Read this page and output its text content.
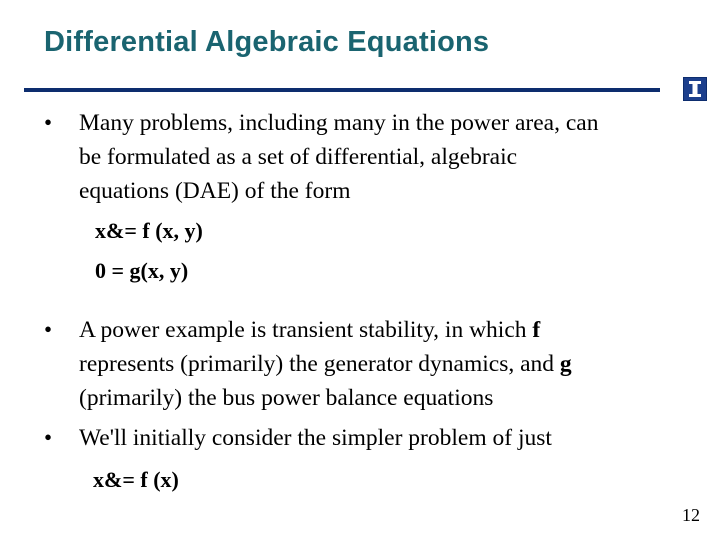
Differential Algebraic Equations
• Many problems, including many in the power area, can
be formulated as a set of differential, algebraic
equations (DAE) of the form
x&= f (x, y)
0 = g(x, y)
• A power example is transient stability, in which f
represents (primarily) the generator dynamics, and g
(primarily) the bus power balance equations
• We'll initially consider the simpler problem of just
x&= f (x)
12
